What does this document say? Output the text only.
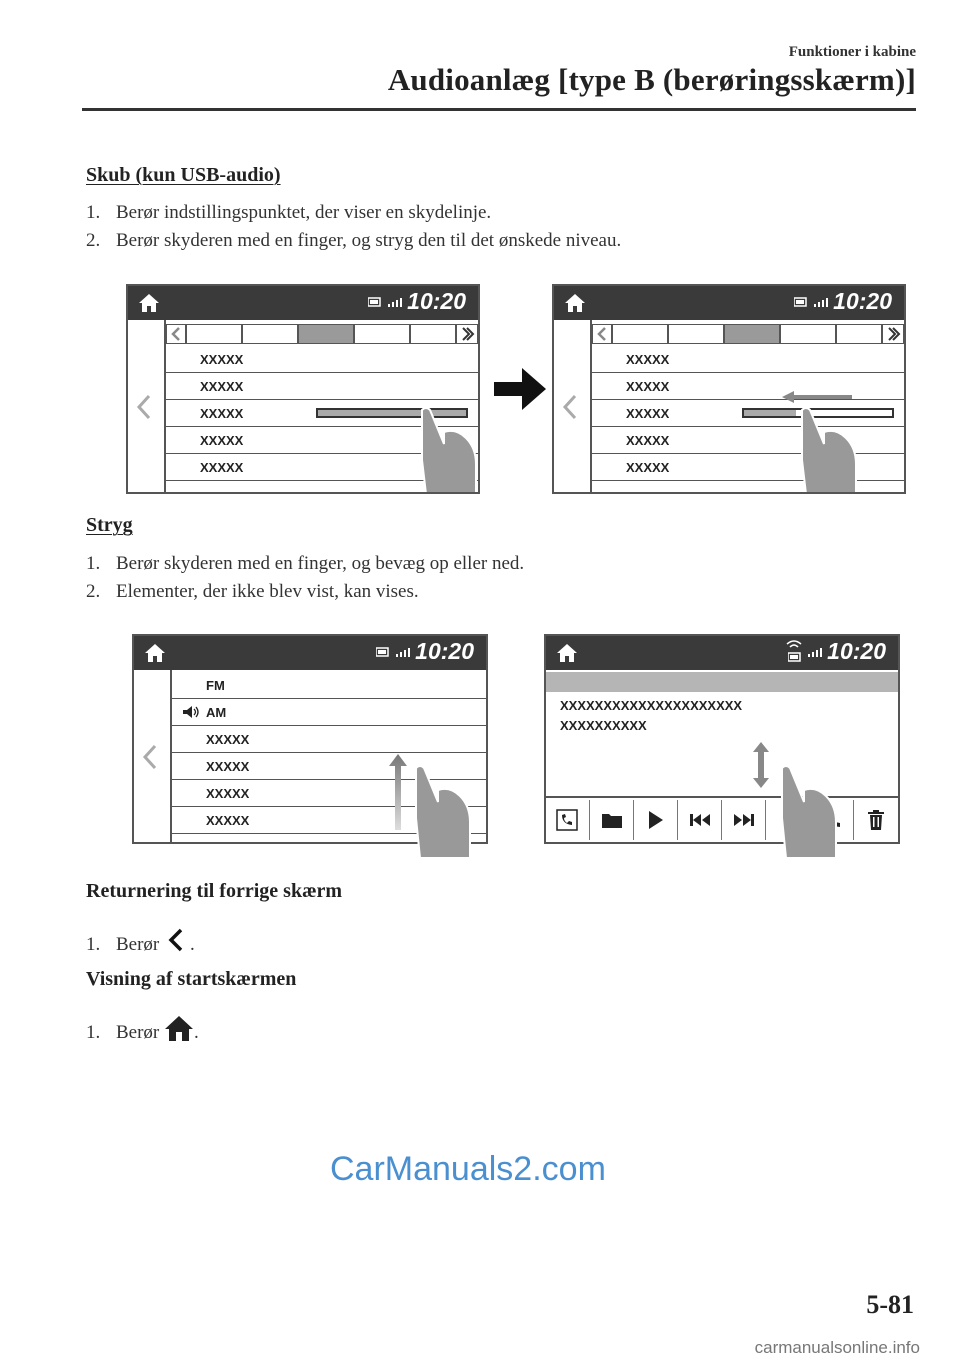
Funktioner i kabine
Audioanlæg [type B (berøringsskærm)]
Skub (kun USB-audio)
1. Berør indstillingspunktet, der viser en skydelinje.
2. Berør skyderen med en finger, og stryg den til det ønskede niveau.
10:20
XXXXX
XXXXX
XXXXX
XXXXX
XXXXX
10:20
XXXXX
XXXXX
XXXXX
XXXXX
XXXXX
Stryg
1. Berør skyderen med en finger, og bevæg op eller ned.
2. Elementer, der ikke blev vist, kan vises.
10:20
FM
AM
XXXXX
XXXXX
XXXXX
XXXXX
10:20
XXXXXXXXXXXXXXXXXXXXX
XXXXXXXXXX
Returnering til forrige skærm
1. Berør .
Visning af startskærmen
1. Berør .
CarManuals2.com
5-81
carmanualsonline.info
